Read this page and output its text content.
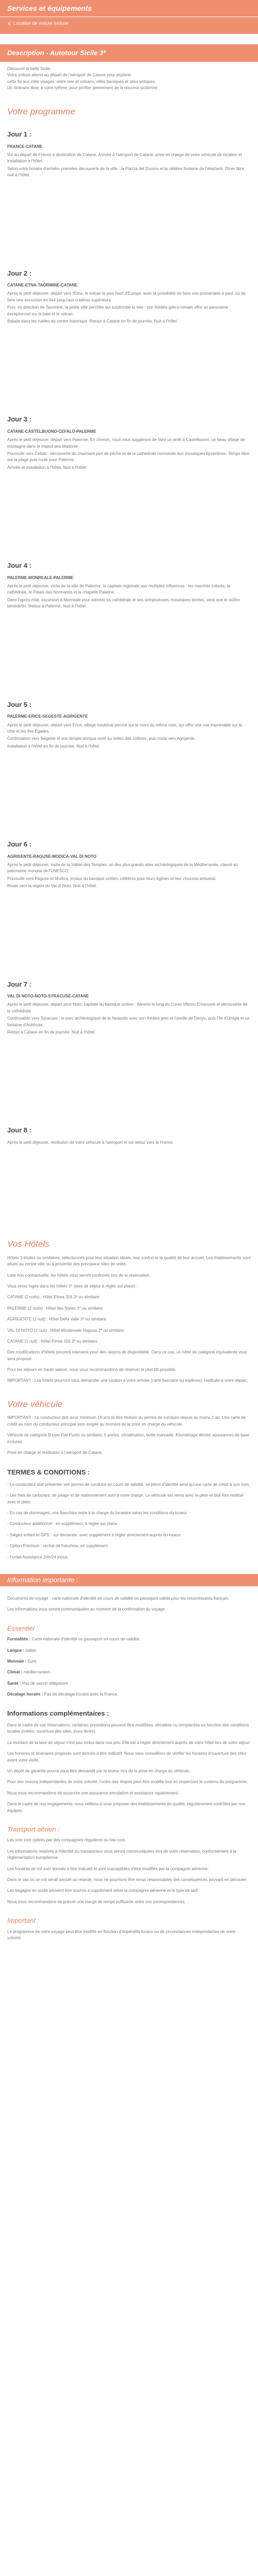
Services et équipements
Location de voiture incluse
Description - Autotour Sicile 3*

Découvrir la belle Sicile.

Votre voiture attend au départ de l'aéroport de Catane pour explorer

cette île aux mille visages, entre mer et volcans, villes baroques et sites antiques.

Un itinéraire libre, à votre rythme, pour profiter pleinement de la douceur sicilienne.

Votre programme
Jour 1 :

FRANCE-CATANE

Vol au départ de France à destination de Catane. Arrivée à l'aéroport de Catane, prise en charge de votre véhicule de location et installation à l'hôtel.

Selon votre horaire d'arrivée, première découverte de la ville : la Piazza del Duomo et la célèbre fontaine de l'éléphant. Dîner libre, nuit à l'hôtel.

Jour 2 :

CATANE-ETNA-TAORMINE-CATANE

Après le petit déjeuner, départ vers l'Etna, le volcan le plus haut d'Europe, avec la possibilité de faire une promenade à pied, ou de faire une excursion en 4x4 jusqu'aux cratères supérieurs.

Puis, en direction de Taormine, la petite ville perchée qui surplombe la mer : son théâtre gréco-romain offre un panorama exceptionnel sur la baie et le volcan.

Balade dans les ruelles du centre historique. Retour à Catane en fin de journée. Nuit à l'hôtel.

Jour 3 :

CATANE-CASTELBUONO-CEFALÙ-PALERME

Après le petit déjeuner, départ vers Palerme. En chemin, nous vous suggérons de faire un arrêt à Castelbuono, un beau village de montagne dans le massif des Madonie.

Poursuite vers Cefalù : découverte du charmant port de pêche et de la cathédrale normande aux mosaïques byzantines. Temps libre sur la plage puis route pour Palerme.

Arrivée et installation à l'hôtel. Nuit à l'hôtel.

Jour 4 :

PALERME-MONREALE-PALERME

Après le petit déjeuner, visite de la ville de Palerme, la capitale régionale aux multiples influences : les marchés colorés, la cathédrale, le Palais des Normands et la chapelle Palatine.

Dans l'après-midi, excursion à Monreale pour admirer sa cathédrale et ses somptueuses mosaïques dorées, ainsi que le cloître bénédictin. Retour à Palerme. Nuit à l'hôtel.

Jour 5 :

PALERME-ERICE-SEGESTE-AGRIGENTE

Après le petit déjeuner, départ vers Erice, village médiéval perché sur le mont du même nom, qui offre une vue imprenable sur la côte et les îles Égades.

Continuation vers Ségeste et son temple dorique isolé au milieu des collines, puis route vers Agrigente.

Installation à l'hôtel en fin de journée. Nuit à l'hôtel.

Jour 6 :

AGRIGENTE-RAGUSE-MODICA-VAL DI NOTO

Après le petit déjeuner, visite de la Vallée des Temples, un des plus grands sites archéologiques de la Méditerranée, classé au patrimoine mondial de l'UNESCO.

Poursuite vers Raguse et Modica, joyaux du baroque sicilien, célèbres pour leurs églises et leur chocolat artisanal.

Route vers la région du Val di Noto. Nuit à l'hôtel.

Jour 7 :

VAL DI NOTO-NOTO-SYRACUSE-CATANE

Après le petit déjeuner, départ pour Noto, capitale du baroque sicilien : flânerie le long du Corso Vittorio Emanuele et découverte de la cathédrale.

Continuation vers Syracuse : le parc archéologique de la Neapolis avec son théâtre grec et l'oreille de Denys, puis l'île d'Ortigia et sa fontaine d'Aréthuse.

Retour à Catane en fin de journée. Nuit à l'hôtel.

Jour 8 :

Après le petit déjeuner, restitution de votre véhicule à l'aéroport et vol retour vers la France.

Vos Hôtels

Hôtels 3 étoiles ou similaires, sélectionnés pour leur situation idéale, leur confort et la qualité de leur accueil. Les établissements sont situés au centre-ville ou à proximité des principaux sites de visite.

Liste non contractuelle, les hôtels vous seront confirmés lors de la réservation.

Vous serez logés dans les hôtels 3* (taxe de séjour à régler sur place) :

CATANE (2 nuits) : Hôtel Etnea 316 3* ou similaire

PALERME (2 nuits) : Hôtel Ibis Styles 3* ou similaire

AGRIGENTE (1 nuit) : Hôtel Della Valle 3* ou similaire

VAL DI NOTO (1 nuit) : Hôtel Montereale Ragusa 3* ou similaire

CATANE (1 nuit) : Hôtel Etnea 316 3* ou similaire

Des modifications d'hôtels peuvent intervenir pour des raisons de disponibilité. Dans ce cas, un hôtel de catégorie équivalente vous sera proposé.

Pour les séjours en haute saison, nous vous recommandons de réserver le plus tôt possible.

IMPORTANT : Les hôtels pourront vous demander une caution à votre arrivée (carte bancaire ou espèces), restituée à votre départ.

Votre véhicule

IMPORTANT : Le conducteur doit avoir minimum 19 ans et être titulaire du permis de conduire depuis au moins 1 an. Une carte de crédit au nom du conducteur principal sera exigée au moment de la prise en charge du véhicule.

Véhicule de catégorie B type Fiat Punto ou similaire, 5 portes, climatisation, boîte manuelle. Kilométrage illimité, assurances de base incluses.

Prise en charge et restitution à l'aéroport de Catane.

TERMES & CONDITIONS :

- Le conducteur doit présenter son permis de conduire en cours de validité, sa pièce d'identité ainsi qu'une carte de crédit à son nom.

- Les frais de carburant, de péage et de stationnement sont à votre charge. Le véhicule est remis avec le plein et doit être restitué avec le plein.

- En cas de dommages, une franchise reste à la charge du locataire selon les conditions du loueur.

- Conducteur additionnel : en supplément, à régler sur place.

- Sièges enfant et GPS : sur demande, avec supplément à régler directement auprès du loueur.

- Option Premium : rachat de franchise, en supplément.

- Forfait Assistance 24h/24 inclus.

Information importante :

Documents de voyage : carte nationale d'identité en cours de validité ou passeport valide pour les ressortissants français.

Les informations vous seront communiquées au moment de la confirmation du voyage.

Essentiel :

Formalités : Carte nationale d'identité ou passeport en cours de validité.

Langue : italien

Monnaie : Euro

Climat : méditerranéen

Santé : Pas de vaccin obligatoire.

Décalage horaire : Pas de décalage horaire avec la France.

Informations complémentaires :

Dans le cadre de vos réservations, certaines prestations peuvent être modifiées, décalées ou remplacées en fonction des conditions locales (météo, ouverture des sites, jours fériés).

Le montant de la taxe de séjour n'est pas inclus dans nos prix. Elle est à régler directement auprès de votre hôtel lors de votre séjour.

Les horaires et itinéraires proposés sont donnés à titre indicatif. Nous vous conseillons de vérifier les horaires d'ouverture des sites avant votre visite.

Un dépôt de garantie pourra vous être demandé par le loueur lors de la prise en charge du véhicule.

Pour des raisons indépendantes de notre volonté, l'ordre des étapes peut être modifié tout en respectant le contenu du programme.

Nous vous recommandons de souscrire une assurance annulation et assistance rapatriement.

Dans le cadre de nos engagements, nous veillons à vous proposer des établissements de qualité, régulièrement contrôlés par nos équipes.

Transport aérien :

Les vols sont opérés par des compagnies régulières ou low-cost.

Les informations relatives à l'identité du transporteur vous seront communiquées lors de votre réservation, conformément à la réglementation européenne.

Les horaires de vol sont donnés à titre indicatif et sont susceptibles d'être modifiés par la compagnie aérienne.

Dans le cas où un vol serait annulé ou retardé, nous ne pourrions être tenus responsables des conséquences pouvant en découler.

Les bagages en soute peuvent être soumis à supplément selon la compagnie aérienne et le type de tarif.

Nous vous recommandons de prévoir une marge de temps suffisante entre vos correspondances.

Important :

Le programme de votre voyage peut être modifié en fonction d'impératifs locaux ou de circonstances indépendantes de notre volonté.
